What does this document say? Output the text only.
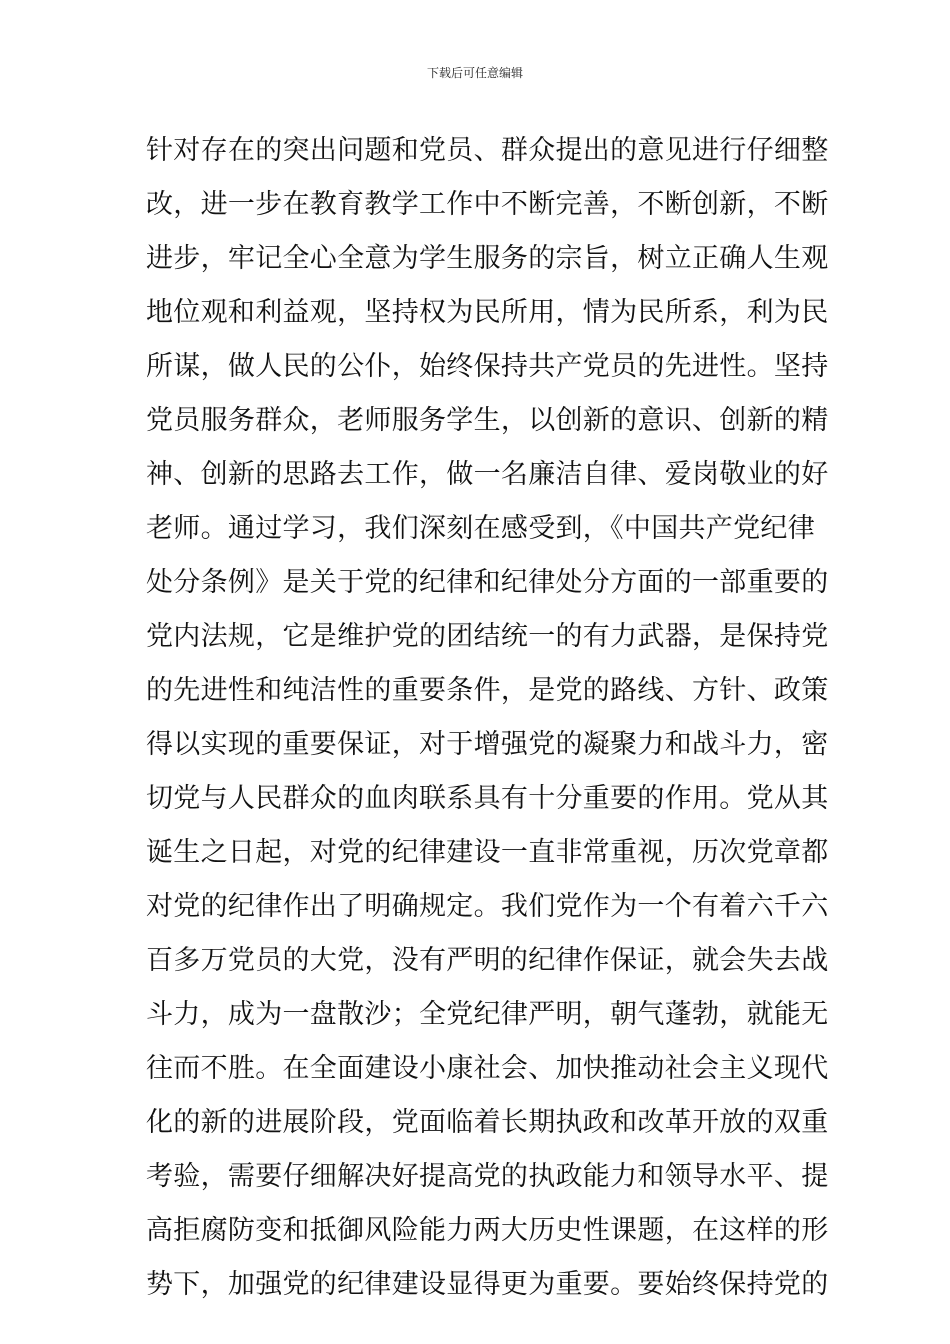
下载后可任意编辑
针对存在的突出问题和党员、群众提出的意见进行仔细整
改，进一步在教育教学工作中不断完善，不断创新，不断
进步，牢记全心全意为学生服务的宗旨，树立正确人生观
地位观和利益观，坚持权为民所用，情为民所系，利为民
所谋，做人民的公仆，始终保持共产党员的先进性。坚持
党员服务群众，老师服务学生，以创新的意识、创新的精
神、创新的思路去工作，做一名廉洁自律、爱岗敬业的好
老师。通过学习，我们深刻在感受到，《中国共产党纪律
处分条例》是关于党的纪律和纪律处分方面的一部重要的
党内法规，它是维护党的团结统一的有力武器，是保持党
的先进性和纯洁性的重要条件，是党的路线、方针、政策
得以实现的重要保证，对于增强党的凝聚力和战斗力，密
切党与人民群众的血肉联系具有十分重要的作用。党从其
诞生之日起，对党的纪律建设一直非常重视，历次党章都
对党的纪律作出了明确规定。我们党作为一个有着六千六
百多万党员的大党，没有严明的纪律作保证，就会失去战
斗力，成为一盘散沙；全党纪律严明，朝气蓬勃，就能无
往而不胜。在全面建设小康社会、加快推动社会主义现代
化的新的进展阶段，党面临着长期执政和改革开放的双重
考验，需要仔细解决好提高党的执政能力和领导水平、提
高拒腐防变和抵御风险能力两大历史性课题，在这样的形
势下，加强党的纪律建设显得更为重要。要始终保持党的
